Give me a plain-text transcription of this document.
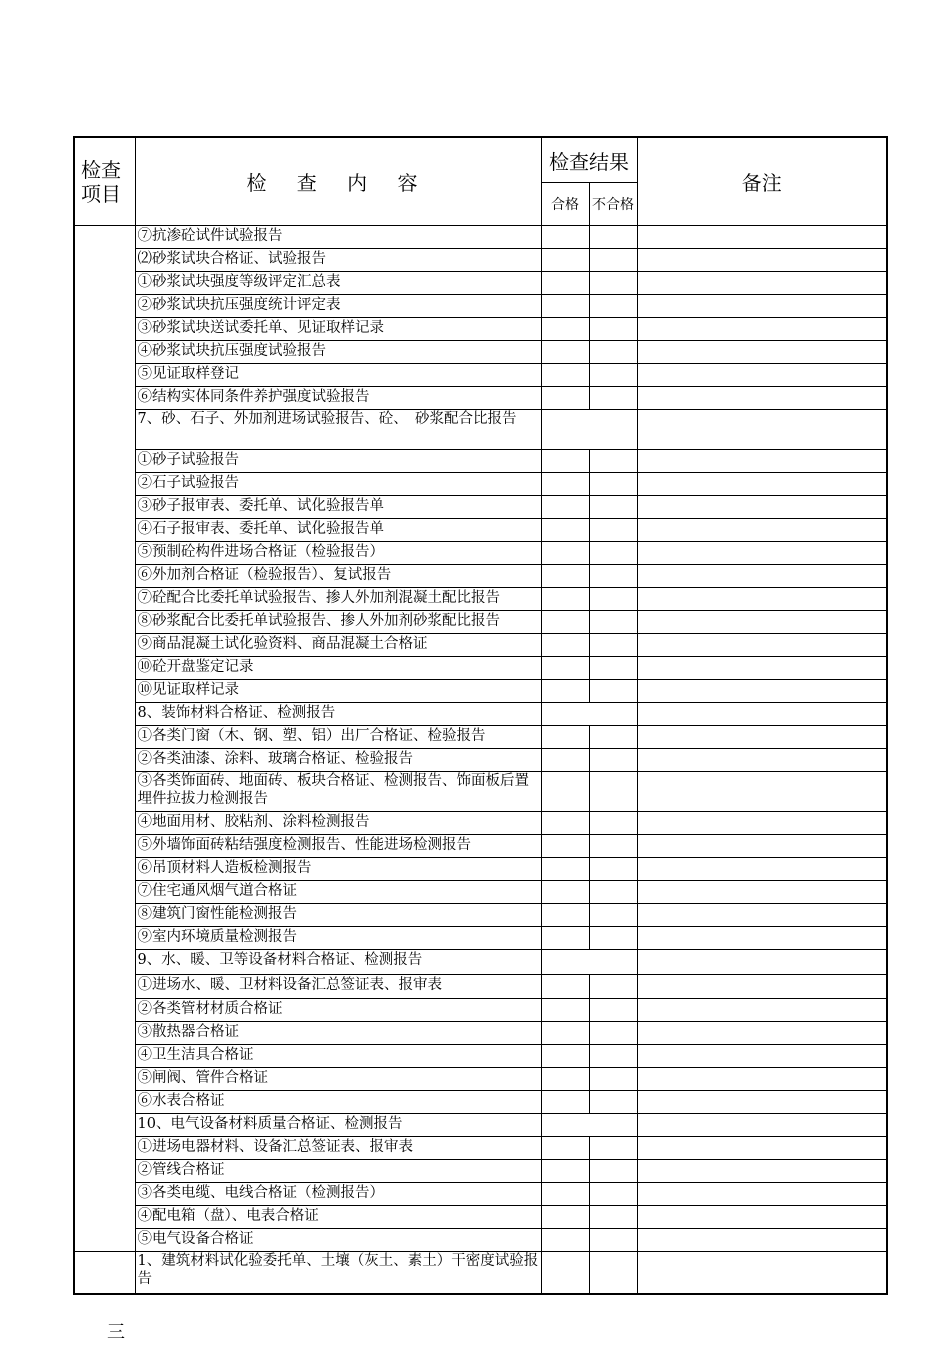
检查项目	检 查 内 容	检查结果		备注
		合格	不合格	
	⑦抗渗砼试件试验报告			
	⑵砂浆试块合格证、试验报告			
	①砂浆试块强度等级评定汇总表			
	②砂浆试块抗压强度统计评定表			
	③砂浆试块送试委托单、见证取样记录			
	④砂浆试块抗压强度试验报告			
	⑤见证取样登记			
	⑥结构实体同条件养护强度试验报告			
	7、砂、石子、外加剂进场试验报告、砼、　砂浆配合比报告			
	①砂子试验报告			
	②石子试验报告			
	③砂子报审表、委托单、试化验报告单			
	④石子报审表、委托单、试化验报告单			
	⑤预制砼构件进场合格证（检验报告）			
	⑥外加剂合格证（检验报告）、复试报告			
	⑦砼配合比委托单试验报告、掺人外加剂混凝土配比报告			
	⑧砂浆配合比委托单试验报告、掺人外加剂砂浆配比报告			
	⑨商品混凝土试化验资料、商品混凝土合格证			
	⑩砼开盘鉴定记录			
	⑩见证取样记录			
	8、装饰材料合格证、检测报告			
	①各类门窗（木、钢、塑、铝）出厂合格证、检验报告			
	②各类油漆、涂料、玻璃合格证、检验报告			
	③各类饰面砖、地面砖、板块合格证、检测报告、饰面板后置埋件拉拔力检测报告			
	④地面用材、胶粘剂、涂料检测报告			
	⑤外墙饰面砖粘结强度检测报告、性能进场检测报告			
	⑥吊顶材料人造板检测报告			
	⑦住宅通风烟气道合格证			
	⑧建筑门窗性能检测报告			
	⑨室内环境质量检测报告			
	9、水、暖、卫等设备材料合格证、检测报告			
	①进场水、暖、卫材料设备汇总签证表、报审表			
	②各类管材材质合格证			
	③散热器合格证			
	④卫生洁具合格证			
	⑤闸阀、管件合格证			
	⑥水表合格证			
	10、电气设备材料质量合格证、检测报告			
	①进场电器材料、设备汇总签证表、报审表			
	②管线合格证			
	③各类电缆、电线合格证（检测报告）			
	④配电箱（盘）、电表合格证			
	⑤电气设备合格证			
	1、建筑材料试化验委托单、土壤（灰土、素土）干密度试验报告			
三
